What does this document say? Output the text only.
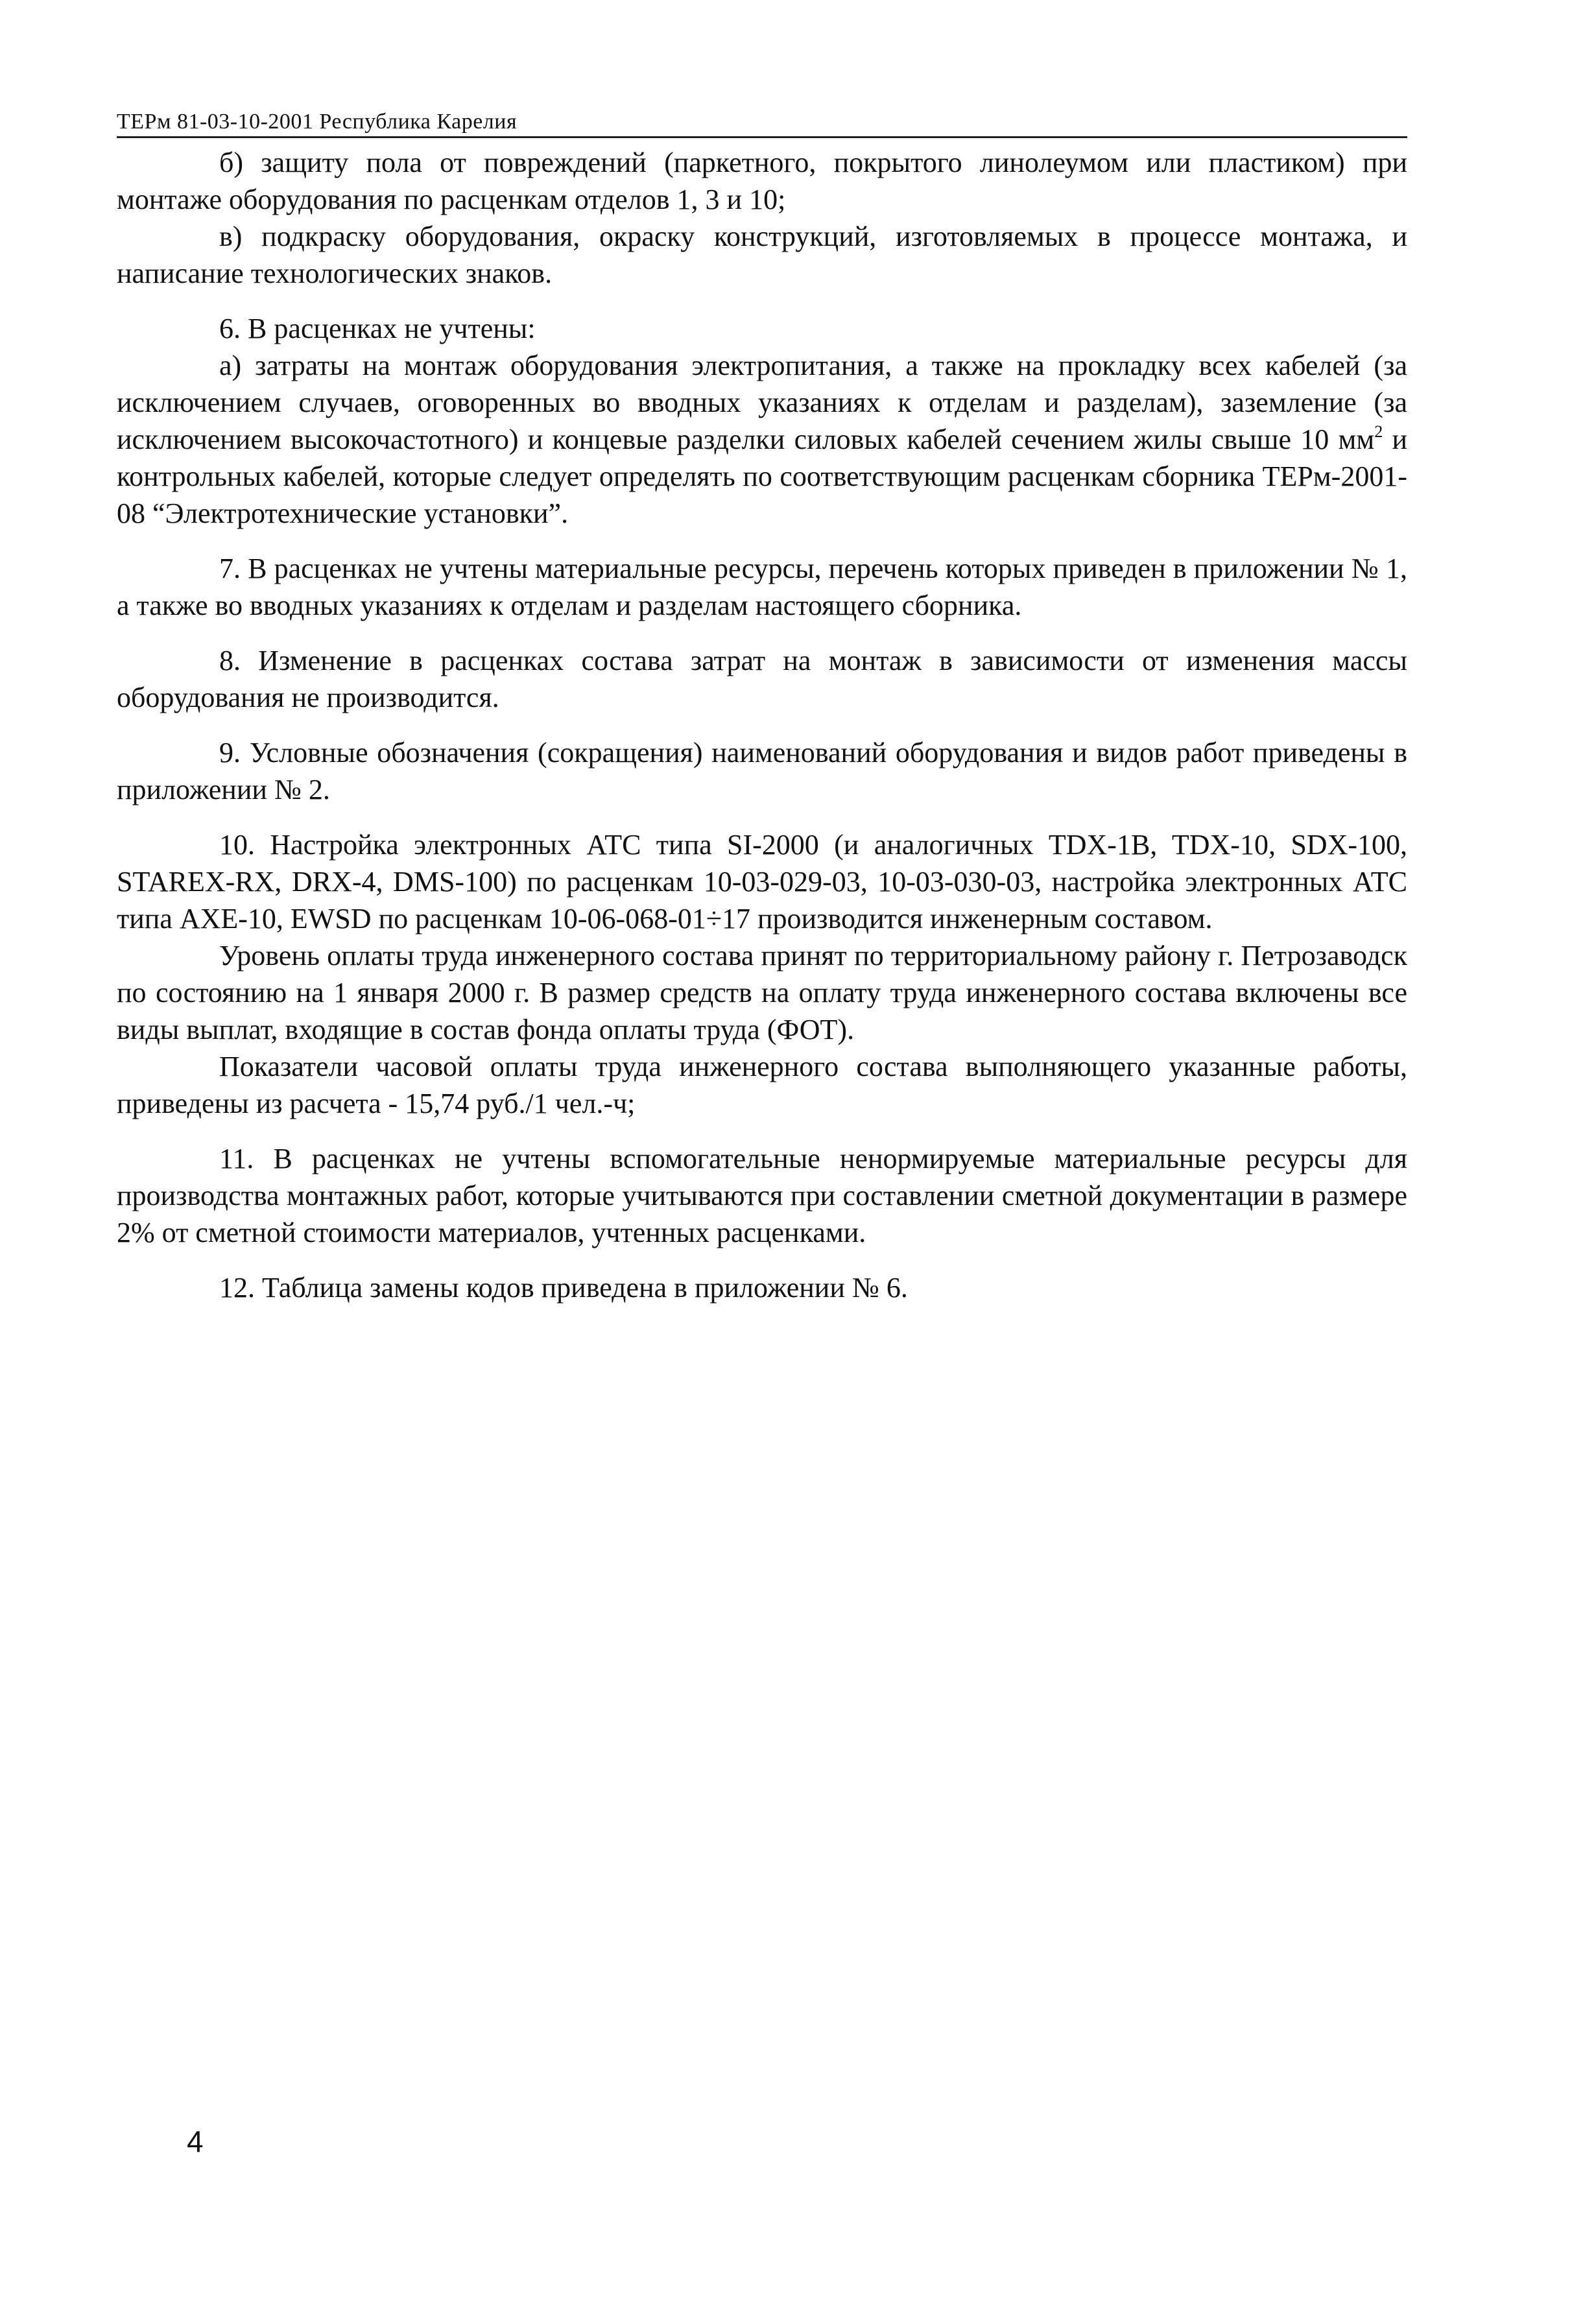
ТЕРм 81-03-10-2001 Республика Карелия

б) защиту пола от повреждений (паркетного, покрытого линолеумом или пластиком) при монтаже оборудования по расценкам отделов 1, 3 и 10;

в) подкраску оборудования, окраску конструкций, изготовляемых в процессе монтажа, и написание технологических знаков.

6. В расценках не учтены:

а) затраты на монтаж оборудования электропитания, а также на прокладку всех кабелей (за исключением случаев, оговоренных во вводных указаниях к отделам и разделам), заземление (за исключением высокочастотного) и концевые разделки силовых кабелей сечением жилы свыше 10 $мм^2$ и контрольных кабелей, которые следует определять по соответствующим расценкам сборника ТЕРм-2001-08 “Электротехнические установки”.

7. В расценках не учтены материальные ресурсы, перечень которых приведен в приложении № 1, а также во вводных указаниях к отделам и разделам настоящего сборника.

8. Изменение в расценках состава затрат на монтаж в зависимости от изменения массы оборудования не производится.

9. Условные обозначения (сокращения) наименований оборудования и видов работ приведены в приложении № 2.

10. Настройка электронных АТС типа SI-2000 (и аналогичных TDX-1B, TDX-10, SDX-100, STAREX-RX, DRX-4, DMS-100) по расценкам 10-03-029-03, 10-03-030-03, настройка электронных АТС типа AXE-10, EWSD по расценкам 10-06-068-01÷17 производится инженерным составом.

Уровень оплаты труда инженерного состава принят по территориальному району г. Петрозаводск по состоянию на 1 января 2000 г. В размер средств на оплату труда инженерного состава включены все виды выплат, входящие в состав фонда оплаты труда (ФОТ).

Показатели часовой оплаты труда инженерного состава выполняющего указанные работы, приведены из расчета - 15,74 руб./1 чел.-ч;

11. В расценках не учтены вспомогательные ненормируемые материальные ресурсы для производства монтажных работ, которые учитываются при составлении сметной документации в размере 2% от сметной стоимости материалов, учтенных расценками.

12. Таблица замены кодов приведена в приложении № 6.

4
